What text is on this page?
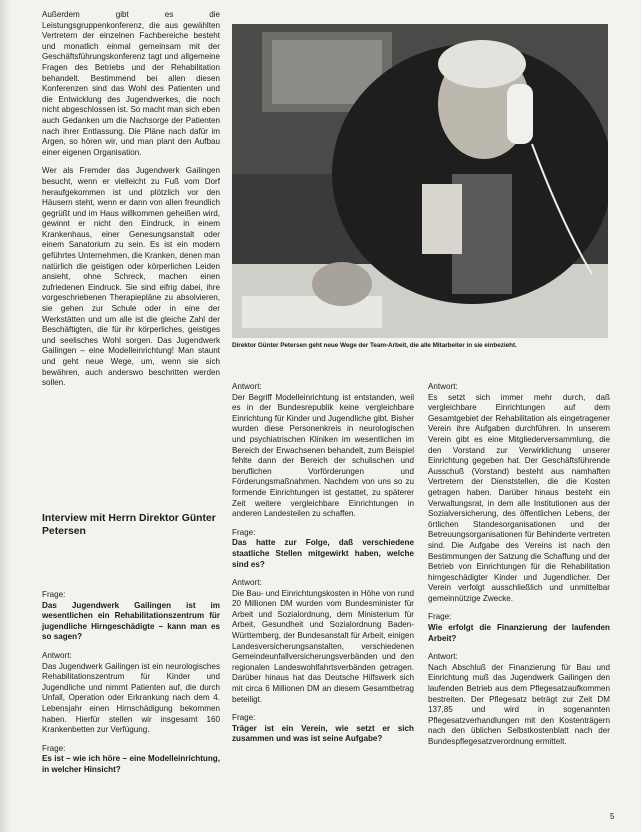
Außerdem gibt es die Leistungsgruppenkonferenz, die aus gewählten Vertretern der einzelnen Fachbereiche besteht und monatlich einmal gemeinsam mit der Geschäftsführungskonferenz tagt und allgemeine Fragen des Betriebs und der Rehabilitation behandelt. Bestimmend bei allen diesen Konferenzen sind das Wohl des Patienten und die Entwicklung des Jugendwerkes, die noch nicht abgeschlossen ist. So macht man sich eben auch Gedanken um die Nachsorge der Patienten nach ihrer Entlassung. Die Pläne nach dafür im Argen, so hören wir, und man plant den Aufbau einer eigenen Organisation.

Wer als Fremder das Jugendwerk Gailingen besucht, wenn er vielleicht zu Fuß vom Dorf heraufgekommen ist und plötzlich vor den Häusern steht, wenn er dann von allen freundlich gegrüßt und im Haus willkommen geheißen wird, gewinnt er nicht den Eindruck, in einem Krankenhaus, einer Genesungsanstalt oder einem Sanatorium zu sein. Es ist ein modern geführtes Unternehmen, die Kranken, denen man natürlich die geistigen oder körperlichen Leiden ansieht, ohne Schreck, machen einen zufriedenen Eindruck. Sie sind eifrig dabei, ihre vorgeschriebenen Therapiepläne zu absolvieren, sie gehen zur Schule oder in eine der Werkstätten und um alle ist die gleiche Zahl der Beschäftigten, die für ihr körperliches, geistiges und seelisches Wohl sorgen. Das Jugendwerk Gailingen – eine Modelleinrichtung! Man staunt und geht neue Wege, um, wenn sie sich bewähren, auch anderswo beschritten werden sollen.

Direktor Günter Petersen geht neue Wege der Team-Arbeit, die alle Mitarbeiter in sie einbezieht.
Interview mit Herrn Direktor Günter Petersen
Frage:
Das Jugendwerk Gailingen ist im wesentlichen ein Rehabilitationszentrum für jugendliche Hirngeschädigte – kann man es so sagen?
Antwort:
Das Jugendwerk Gailingen ist ein neurologisches Rehabilitationszentrum für Kinder und Jugendliche und nimmt Patienten auf, die durch Unfall, Operation oder Erkrankung nach dem 4. Lebensjahr einen Hirnschädigung bekommen haben. Hierfür stellen wir insgesamt 160 Krankenbetten zur Verfügung.
Frage:
Es ist – wie ich höre – eine Modelleinrichtung, in welcher Hinsicht?
Antwort:
Der Begriff Modelleinrichtung ist entstanden, weil es in der Bundesrepublik keine vergleichbare Einrichtung für Kinder und Jugendliche gibt. Bisher wurden diese Personenkreis in neurologischen und psychiatrischen Kliniken im wesentlichen im Bereich der Erwachsenen behandelt, zum Beispiel fehlte dann der Bereich der schulischen und beruflichen Vorförderungen und Förderungsmaßnahmen. Nachdem von uns so zu formende Einrichtungen ist gestattet, zu späterer Zeit weitere vergleichbare Einrichtungen in anderen Landesteilen zu schaffen.
Frage:
Das hatte zur Folge, daß verschiedene staatliche Stellen mitgewirkt haben, welche sind es?
Antwort:
Die Bau- und Einrichtungskosten in Höhe von rund 20 Millionen DM wurden vom Bundesminister für Arbeit und Sozialordnung, dem Ministerium für Arbeit, Gesundheit und Sozialordnung Baden-Württemberg, der Bundesanstalt für Arbeit, einigen Landesversicherungsanstalten, verschiedenen Gemeindeunfallversicherungsverbänden und den regionalen Landeswohlfahrtsverbänden getragen. Darüber hinaus hat das Deutsche Hilfswerk sich mit circa 6 Millionen DM an diesem Gesamtbetrag beteiligt.
Frage:
Träger ist ein Verein, wie setzt er sich zusammen und was ist seine Aufgabe?
Antwort:
Es setzt sich immer mehr durch, daß vergleichbare Einrichtungen auf dem Gesamtgebiet der Rehabilitation als eingetragener Verein ihre Aufgaben durchführen. In unserem Verein gibt es eine Mitgliederversammlung, die den Vorstand zur Verwirklichung unserer Einrichtung gegeben hat. Der Geschäftsführende Ausschuß (Vorstand) besteht aus namhaften Vertretern der Dienststellen, die die Kosten getragen haben. Darüber hinaus besteht ein Verwaltungsrat, in dem alle Institutionen aus der Sozialversicherung, des öffentlichen Lebens, der örtlichen Standesorganisationen und der Betreuungsorganisationen für Behinderte vertreten sind. Die Aufgabe des Vereins ist nach den Bestimmungen der Satzung die Schaffung und der Betrieb von Einrichtungen für die Rehabilitation hirngeschädigter Kinder und Jugendlicher. Der Verein verfolgt ausschließlich und unmittelbar gemeinnützige Zwecke.
Frage:
Wie erfolgt die Finanzierung der laufenden Arbeit?
Antwort:
Nach Abschluß der Finanzierung für Bau und Einrichtung muß das Jugendwerk Gailingen den laufenden Betrieb aus dem Pflegesatzaufkommen bestreiten. Der Pflegesatz beträgt zur Zeit DM 137,85 und wird in sogenannten Pflegesatzverhandlungen mit den Kostenträgern nach den üblichen Selbstkostenblatt nach der Bundespflegesatzverordnung ermittelt.
5
